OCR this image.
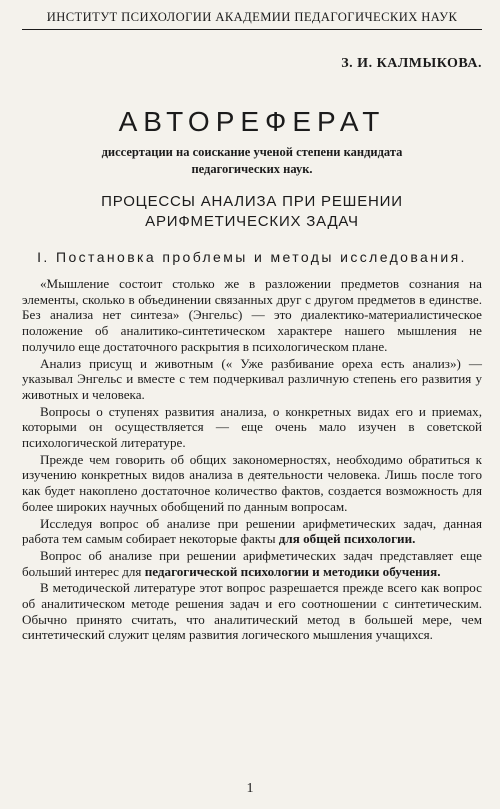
ИНСТИТУТ ПСИХОЛОГИИ АКАДЕМИИ ПЕДАГОГИЧЕСКИХ НАУК
З. И. КАЛМЫКОВА.
АВТОРЕФЕРАТ
диссертации на соискание ученой степени кандидата педагогических наук.
ПРОЦЕССЫ АНАЛИЗА ПРИ РЕШЕНИИ
АРИФМЕТИЧЕСКИХ ЗАДАЧ
I. Постановка проблемы и методы исследования.

«Мышление состоит столько же в разложении предметов сознания на элементы, сколько в объединении связанных друг с другом предметов в единстве. Без анализа нет синтеза» (Энгельс) — это диалектико-материалистическое положение об аналитико-синтетическом характере нашего мышления не получило еще достаточного раскрытия в психологическом плане.

Анализ присущ и животным (« Уже разбивание ореха есть анализ») — указывал Энгельс и вместе с тем подчеркивал различную степень его развития у животных и человека.

Вопросы о ступенях развития анализа, о конкретных видах его и приемах, которыми он осуществляется — еще очень мало изучен в советской психологической литературе.

Прежде чем говорить об общих закономерностях, необходимо обратиться к изучению конкретных видов анализа в деятельности человека. Лишь после того как будет накоплено достаточное количество фактов, создается возможность для более широких научных обобщений по данным вопросам.

Исследуя вопрос об анализе при решении арифметических задач, данная работа тем самым собирает некоторые факты для общей психологии.

Вопрос об анализе при решении арифметических задач представляет еще больший интерес для педагогической психологии и методики обучения.

В методической литературе этот вопрос разрешается прежде всего как вопрос об аналитическом методе решения задач и его соотношении с синтетическим. Обычно принято считать, что аналитический метод в большей мере, чем синтетический служит целям развития логического мышления учащихся.

1
